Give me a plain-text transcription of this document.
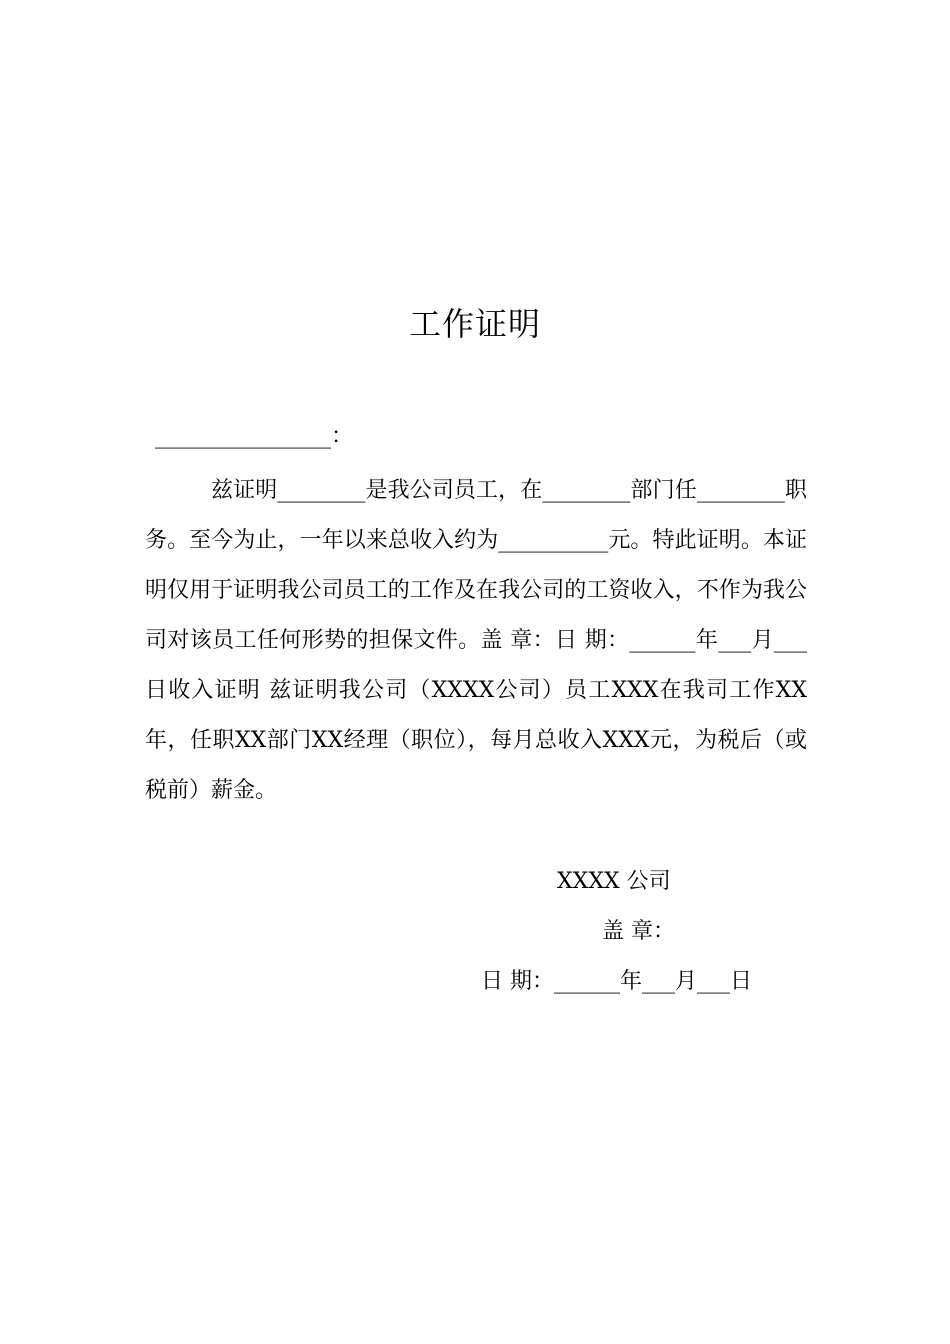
工作证明
________________：

兹证明________是我公司员工，在________部门任________职务。至今为止，一年以来总收入约为__________元。特此证明。本证明仅用于证明我公司员工的工作及在我公司的工资收入，不作为我公司对该员工任何形势的担保文件。盖 章：日 期：______年___月___日收入证明 兹证明我公司（XXXX公司）员工XXX在我司工作XX年，任职XX部门XX经理（职位），每月总收入XXX元，为税后（或税前）薪金。

XXXX 公司
盖 章：
日 期：______年___月___日
